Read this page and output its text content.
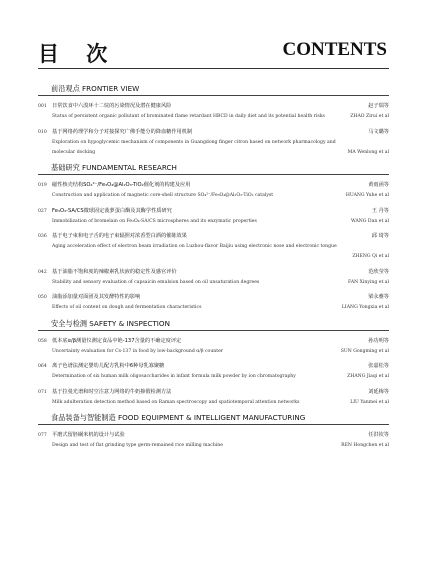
目 次	CONTENTS
前沿观点 FRONTIER VIEW
001	日常饮食中六溴环十二烷的污染情况及潜在健康风险	赵子瑞等
Status of persistent organic pollutant of brominated flame retardant HBCD in daily diet and its potential health risks	ZHAO Zirui et al
010	基于网络药理学和分子对接探究广佛手能分的降血糖作用机制	马文璐等
Exploration on hypoglycemic mechanism of components in Guangdong finger citron based on network pharmacology and
molecular docking	MA Wenlong et al
基础研究 FUNDAMENTAL RESEARCH
019	磁性核壳结构SO₄²⁻/Fe₃O₄@Al₂O₃-TiO₂催化剂的构建及应用	黄雨函等
Construction and application of magnetic core-shell structure SO₄²⁻/Fe₃O₄@Al₂O₃-TiO₂ catalyst	HUANG Yuhe et al
027	Fe₃O₄-SA/CS微球固定菠萝蛋白酶及其酶学性质研究	王 丹等
Immobilization of bromelain on Fe₃O₄-SA/CS microspheres and its enzymatic properties	WANG Dan et al
036	基于电子束和电子舌的电子束辐照对浓香型白酒的催陈效果	邱 琦等
Aging acceleration effect of electron beam irradiation on Luzhou-flavor Baijiu using electronic nose and electronic tongue
ZHENG Qi et al
042	基于油脂不饱和度的辣椒素乳状液的稳定性及感官评价	范欣莹等
Stability and sensory evaluation of capsaicin emulsion based on oil unsaturation degrees	FAN Xinying et al
050	油脂添加量对面团及其发酵特性的影响	梁永雅等
Effects of oil content on dough and fermentation characteristics	LIANG Yongxia et al
安全与检测 SAFETY & INSPECTION
058	低本底α/β测量仪测定食品中铯-137含量的不确定度评定	孙功明等
Uncertainty evaluation for Cs-137 in food by low-background α/β counter	SUN Gongming et al
064	离子色谱法测定婴幼儿配方乳粉中6种母乳寡聚糖	张嘉松等
Determination of six human milk oligosaccharides in infant formula milk powder by ion chromatography	ZHANG Jiaqi et al
071	基于拉曼光谱和时空注意力网络的牛奶掺假检测方法	刘延梅等
Milk adulteration detection method based on Raman spectroscopy and spatiotemporal attention networks	LIU Yanmei et al
食品装备与智能制造 FOOD EQUIPMENT & INTELLIGENT MANUFACTURING
077	平磨式留胚碾米机的设计与试验	任洪钦等
Design and test of flat grinding type germ-remained rice milling machine	REN Hongchen et al
